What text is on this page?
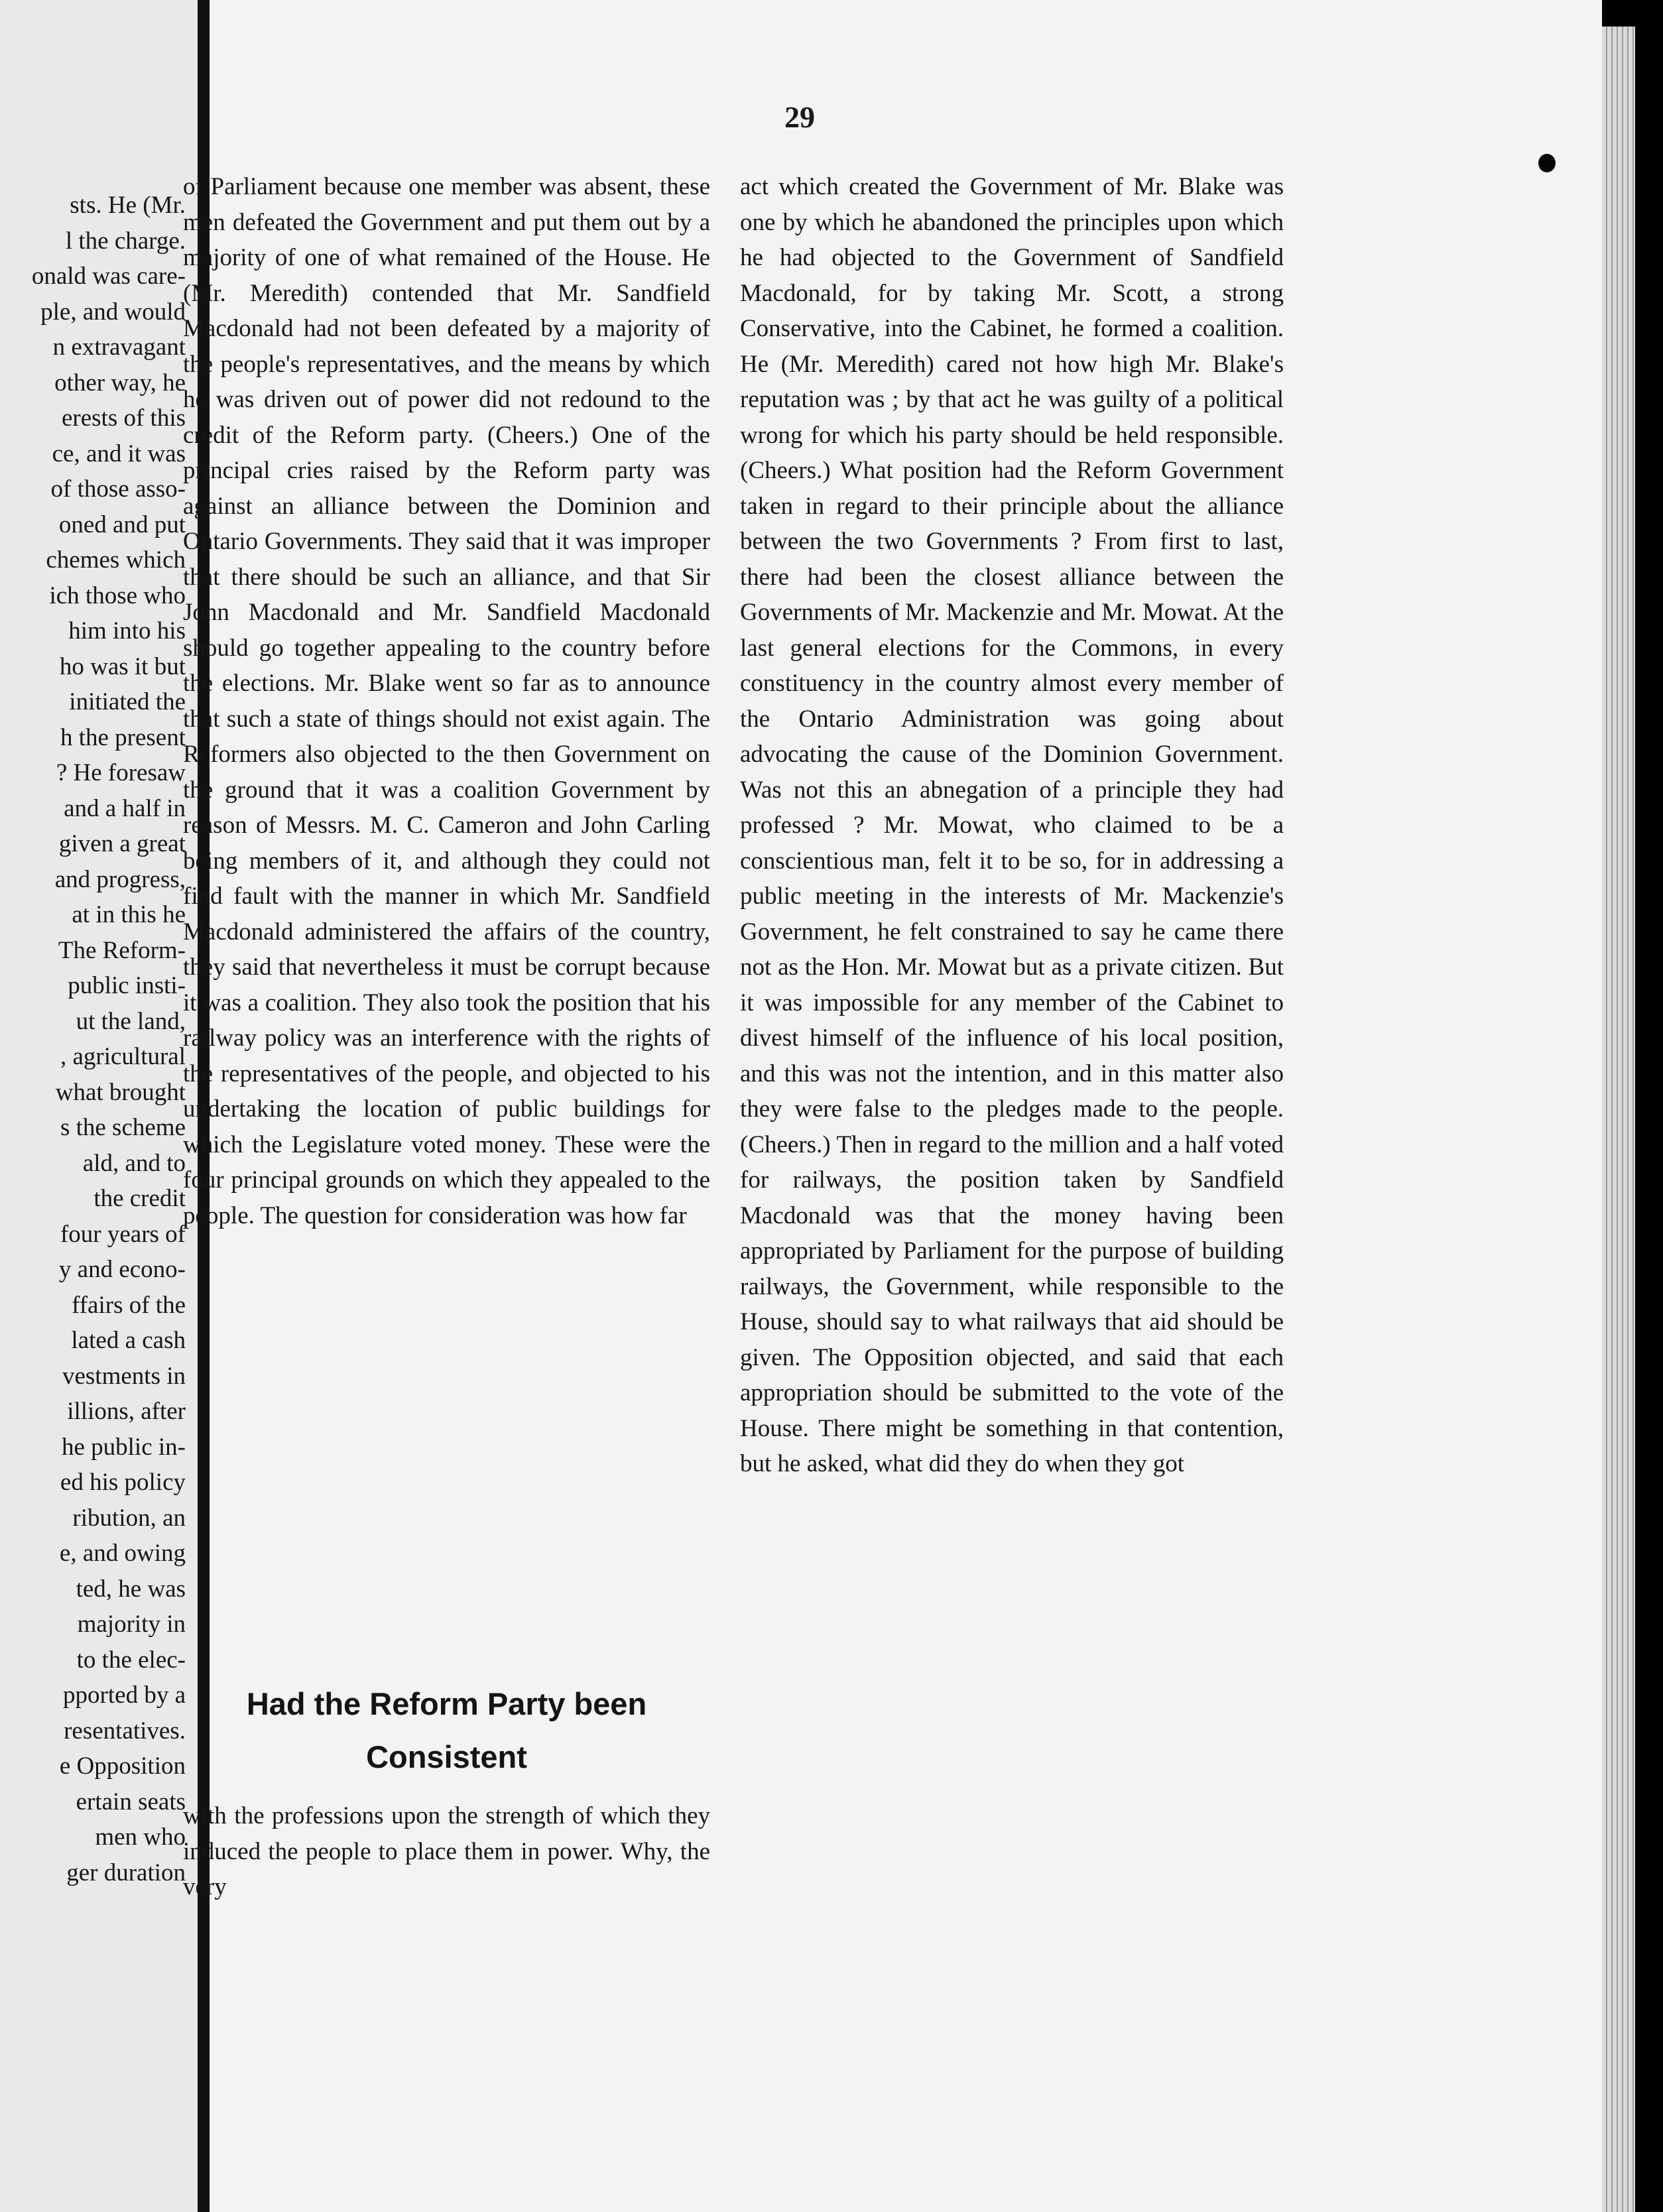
sts. He (Mr.
l the charge.
onald was care-
ple, and would
n extravagant
other way, he
erests of this
ce, and it was
of those asso-
oned and put
chemes which
ich those who
him into his
ho was it but
initiated the
h the present
? He foresaw
and a half in
given a great
and progress,
at in this he
The Reform-
public insti-
ut the land,
, agricultural
what brought
s the scheme
ald, and to
the credit
four years of
y and econo-
ffairs of the
lated a cash
vestments in
illions, after
he public in-
ed his policy
ribution, an
e, and owing
ted, he was
majority in
to the elec-
pported by a
resentatives.
e Opposition
ertain seats
men who
ger duration
29

of Parliament because one member was absent, these men defeated the Government and put them out by a majority of one of what remained of the House. He (Mr. Meredith) contended that Mr. Sandfield Macdonald had not been defeated by a majority of the people's representatives, and the means by which he was driven out of power did not redound to the credit of the Reform party. (Cheers.) One of the principal cries raised by the Reform party was against an alliance between the Dominion and Ontario Governments. They said that it was improper that there should be such an alliance, and that Sir John Macdonald and Mr. Sandfield Macdonald should go together appealing to the country before the elections. Mr. Blake went so far as to announce that such a state of things should not exist again. The Reformers also objected to the then Government on the ground that it was a coalition Government by reason of Messrs. M. C. Cameron and John Carling being members of it, and although they could not find fault with the manner in which Mr. Sandfield Macdonald administered the affairs of the country, they said that nevertheless it must be corrupt because it was a coalition. They also took the position that his railway policy was an interference with the rights of the representatives of the people, and objected to his undertaking the location of public buildings for which the Legislature voted money. These were the four principal grounds on which they appealed to the people. The question for consideration was how far

Had the Reform Party been
Consistent

with the professions upon the strength of which they induced the people to place them in power. Why, the very

act which created the Government of Mr. Blake was one by which he abandoned the principles upon which he had objected to the Government of Sandfield Macdonald, for by taking Mr. Scott, a strong Conservative, into the Cabinet, he formed a coalition. He (Mr. Meredith) cared not how high Mr. Blake's reputation was ; by that act he was guilty of a political wrong for which his party should be held responsible. (Cheers.) What position had the Reform Government taken in regard to their principle about the alliance between the two Governments ? From first to last, there had been the closest alliance between the Governments of Mr. Mackenzie and Mr. Mowat. At the last general elections for the Commons, in every constituency in the country almost every member of the Ontario Administration was going about advocating the cause of the Dominion Government. Was not this an abnegation of a principle they had professed ? Mr. Mowat, who claimed to be a conscientious man, felt it to be so, for in addressing a public meeting in the interests of Mr. Mackenzie's Government, he felt constrained to say he came there not as the Hon. Mr. Mowat but as a private citizen. But it was impossible for any member of the Cabinet to divest himself of the influence of his local position, and this was not the intention, and in this matter also they were false to the pledges made to the people. (Cheers.) Then in regard to the million and a half voted for railways, the position taken by Sandfield Macdonald was that the money having been appropriated by Parliament for the purpose of building railways, the Government, while responsible to the House, should say to what railways that aid should be given. The Opposition objected, and said that each appropriation should be submitted to the vote of the House. There might be something in that contention, but he asked, what did they do when they got
